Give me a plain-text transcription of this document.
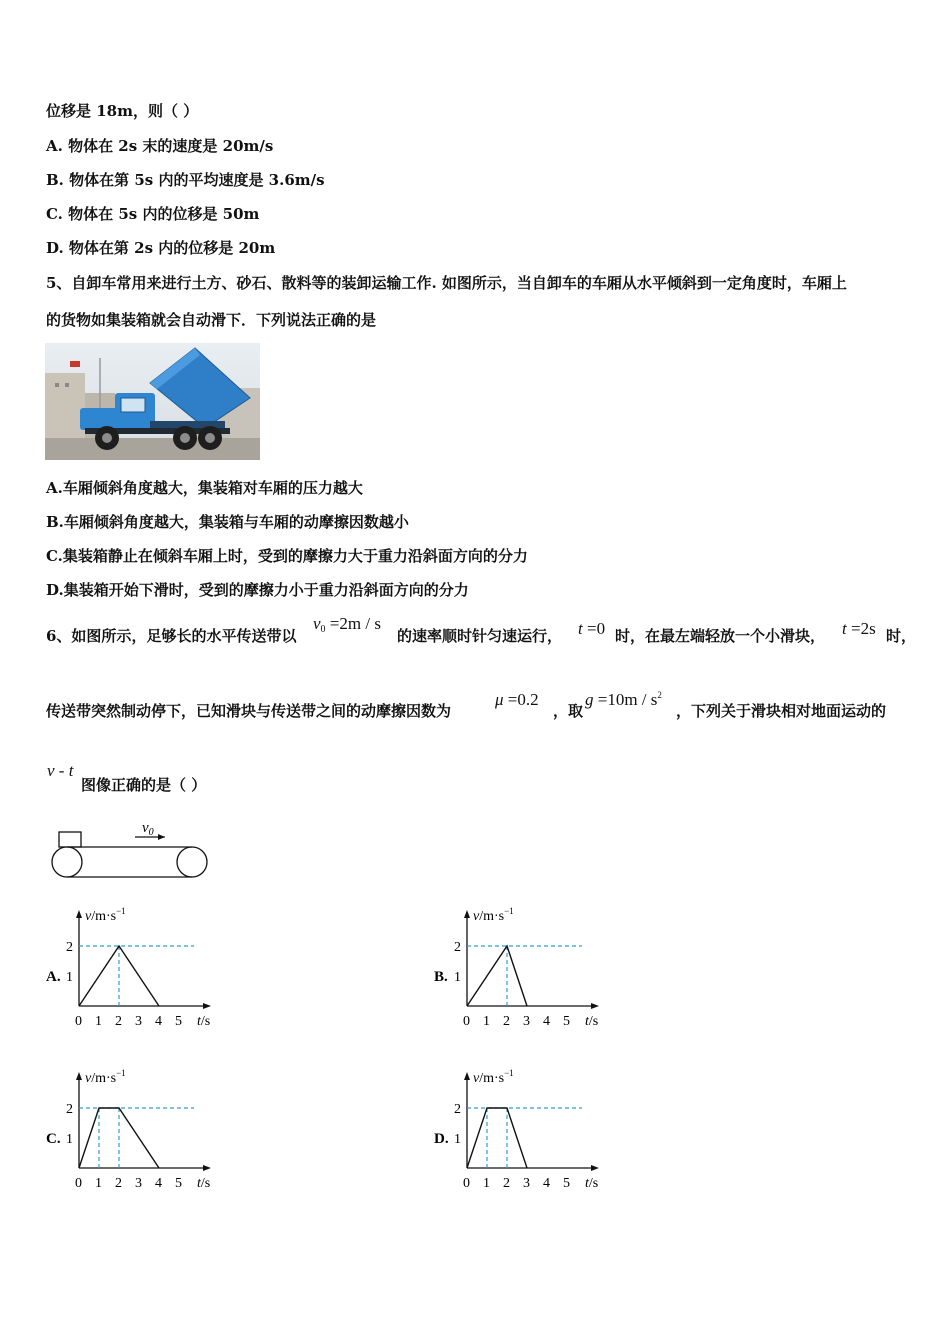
位移是 18m，则（ ）
A. 物体在 2s 末的速度是 20m/s
B. 物体在第 5s 内的平均速度是 3.6m/s
C. 物体在 5s 内的位移是 50m
D. 物体在第 2s 内的位移是 20m
5、自卸车常用来进行土方、砂石、散料等的装卸运输工作. 如图所示，当自卸车的车厢从水平倾斜到一定角度时，车厢上
的货物如集装箱就会自动滑下．下列说法正确的是
A.车厢倾斜角度越大，集装箱对车厢的压力越大
B.车厢倾斜角度越大，集装箱与车厢的动摩擦因数越小
C.集装箱静止在倾斜车厢上时，受到的摩擦力大于重力沿斜面方向的分力
D.集装箱开始下滑时，受到的摩擦力小于重力沿斜面方向的分力
6、如图所示，足够长的水平传送带以
$v_0 =2m / s$
的速率顺时针匀速运行， t =0 时，在最左端轻放一个小滑块， t =2s 时，
传送带突然制动停下，已知滑块与传送带之间的动摩擦因数为
μ =0.2
，取
$g =10m / s^2$
，下列关于滑块相对地面运动的
v - t
图像正确的是（ ）
$v_0$
A.
$v/m\cdot s^{-1}$
t/s
0 1 2 3 4 5
1
2
B.
$v/m\cdot s^{-1}$
t/s
0 1 2 3 4 5
1
2
C.
$v/m\cdot s^{-1}$
t/s
0 1 2 3 4 5
1
2
D.
$v/m\cdot s^{-1}$
t/s
0 1 2 3 4 5
1
2
